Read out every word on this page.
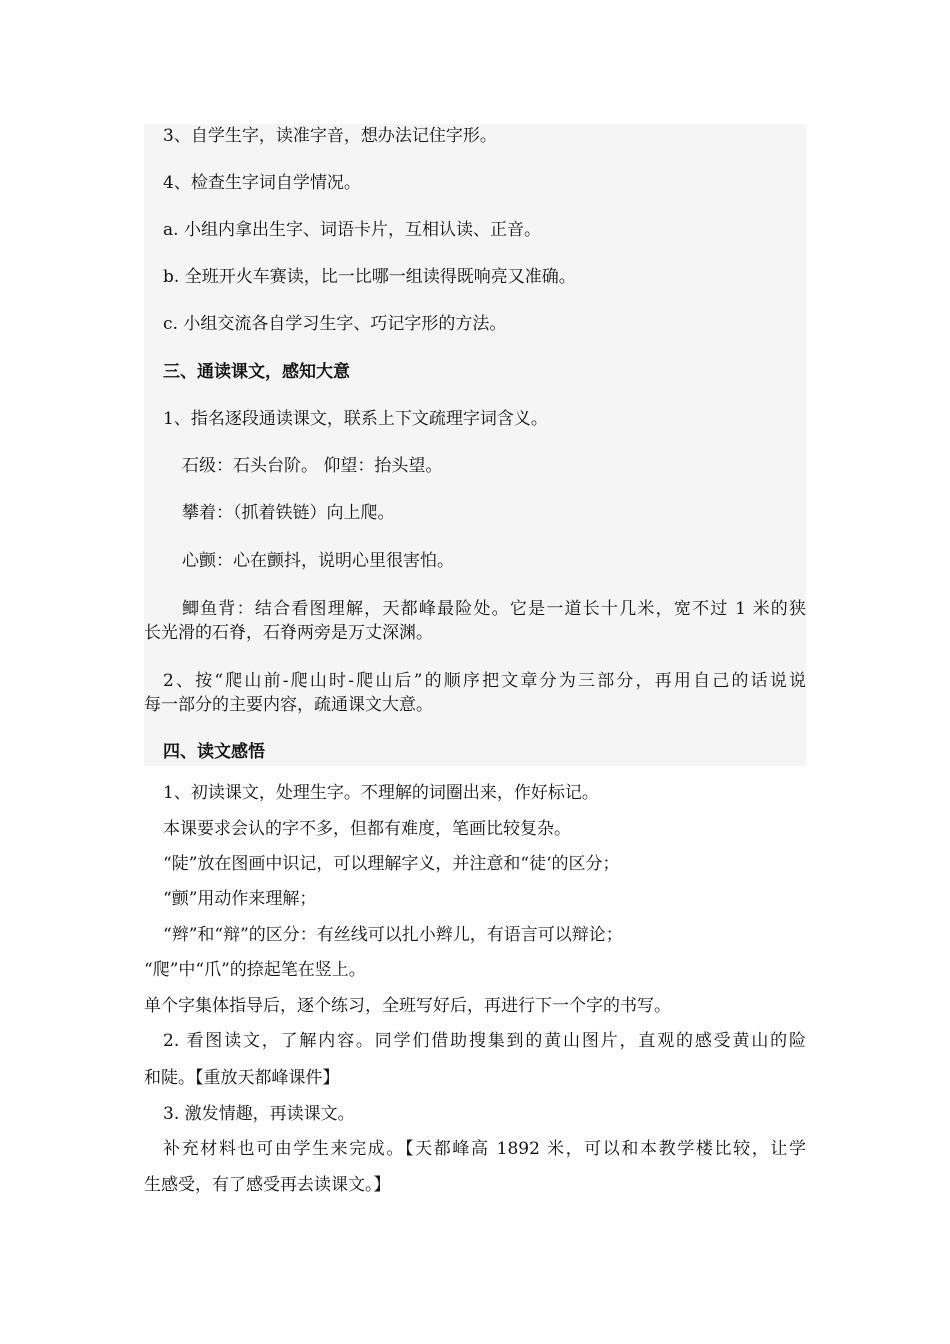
3、自学生字，读准字音，想办法记住字形。
4、检查生字词自学情况。
a. 小组内拿出生字、词语卡片，互相认读、正音。
b. 全班开火车赛读，比一比哪一组读得既响亮又准确。
c. 小组交流各自学习生字、巧记字形的方法。
三、通读课文，感知大意
1、指名逐段通读课文，联系上下文疏理字词含义。
石级：石头台阶。 仰望：抬头望。
攀着：（抓着铁链）向上爬。
心颤：心在颤抖，说明心里很害怕。
鲫鱼背：结合看图理解，天都峰最险处。它是一道长十几米，宽不过 1 米的狭
长光滑的石脊，石脊两旁是万丈深渊。
2、按“爬山前-爬山时-爬山后”的顺序把文章分为三部分，再用自己的话说说
每一部分的主要内容，疏通课文大意。
四、读文感悟
1、初读课文，处理生字。不理解的词圈出来，作好标记。
本课要求会认的字不多，但都有难度，笔画比较复杂。
“陡”放在图画中识记，可以理解字义，并注意和“徒‘的区分；
“颤”用动作来理解；
“辫”和“辩”的区分：有丝线可以扎小辫儿，有语言可以辩论；
“爬”中“爪”的捺起笔在竖上。
单个字集体指导后，逐个练习，全班写好后，再进行下一个字的书写。
2. 看图读文，了解内容。同学们借助搜集到的黄山图片，直观的感受黄山的险
和陡。【重放天都峰课件】
3. 激发情趣，再读课文。
补充材料也可由学生来完成。【天都峰高 1892 米，可以和本教学楼比较，让学
生感受，有了感受再去读课文。】
